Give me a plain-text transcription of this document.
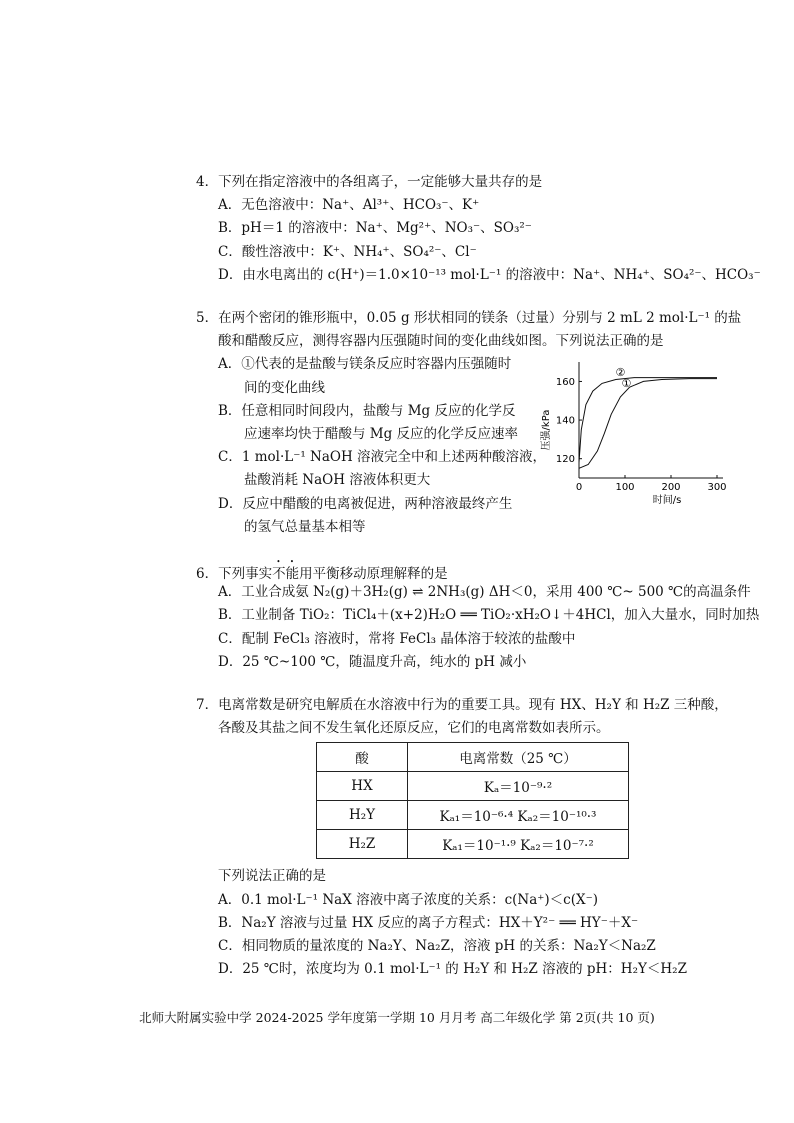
4．下列在指定溶液中的各组离子，一定能够大量共存的是
A．无色溶液中：Na⁺、Al³⁺、HCO₃⁻、K⁺
B．pH＝1 的溶液中：Na⁺、Mg²⁺、NO₃⁻、SO₃²⁻
C．酸性溶液中：K⁺、NH₄⁺、SO₄²⁻、Cl⁻
D．由水电离出的 c(H⁺)＝1.0×10⁻¹³ mol·L⁻¹ 的溶液中：Na⁺、NH₄⁺、SO₄²⁻、HCO₃⁻
5．在两个密闭的锥形瓶中，0.05 g 形状相同的镁条（过量）分别与 2 mL 2 mol·L⁻¹ 的盐
酸和醋酸反应，测得容器内压强随时间的变化曲线如图。下列说法正确的是
A．①代表的是盐酸与镁条反应时容器内压强随时
间的变化曲线
B．任意相同时间段内，盐酸与 Mg 反应的化学反
应速率均快于醋酸与 Mg 反应的化学反应速率
C．1 mol·L⁻¹ NaOH 溶液完全中和上述两种酸溶液，
盐酸消耗 NaOH 溶液体积更大
D．反应中醋酸的电离被促进，两种溶液最终产生
的氢气总量基本相等
0	100	200	300
120
140
160
②
①
时间/s
压强/kPa
6．下列事实不能用平衡移动原理解释的是
A．工业合成氨 N₂(g)＋3H₂(g) ⇌ 2NH₃(g) ΔH＜0，采用 400 ℃~ 500 ℃的高温条件
B．工业制备 TiO₂：TiCl₄＋(x+2)H₂O ══ TiO₂·xH₂O↓＋4HCl，加入大量水，同时加热
C．配制 FeCl₃ 溶液时，常将 FeCl₃ 晶体溶于较浓的盐酸中
D．25 ℃~100 ℃，随温度升高，纯水的 pH 减小
7．电离常数是研究电解质在水溶液中行为的重要工具。现有 HX、H₂Y 和 H₂Z 三种酸，
各酸及其盐之间不发生氧化还原反应，它们的电离常数如表所示。
酸	电离常数（25 ℃）
HX	Kₐ＝10⁻⁹·²
H₂Y	Kₐ₁＝10⁻⁶·⁴ Kₐ₂＝10⁻¹⁰·³
H₂Z	Kₐ₁＝10⁻¹·⁹ Kₐ₂＝10⁻⁷·²
下列说法正确的是
A．0.1 mol·L⁻¹ NaX 溶液中离子浓度的关系：c(Na⁺)＜c(X⁻)
B．Na₂Y 溶液与过量 HX 反应的离子方程式：HX＋Y²⁻ ══ HY⁻＋X⁻
C．相同物质的量浓度的 Na₂Y、Na₂Z，溶液 pH 的关系：Na₂Y＜Na₂Z
D．25 ℃时，浓度均为 0.1 mol·L⁻¹ 的 H₂Y 和 H₂Z 溶液的 pH：H₂Y＜H₂Z
北师大附属实验中学 2024-2025 学年度第一学期 10 月月考 高二年级化学 第 2页(共 10 页)
